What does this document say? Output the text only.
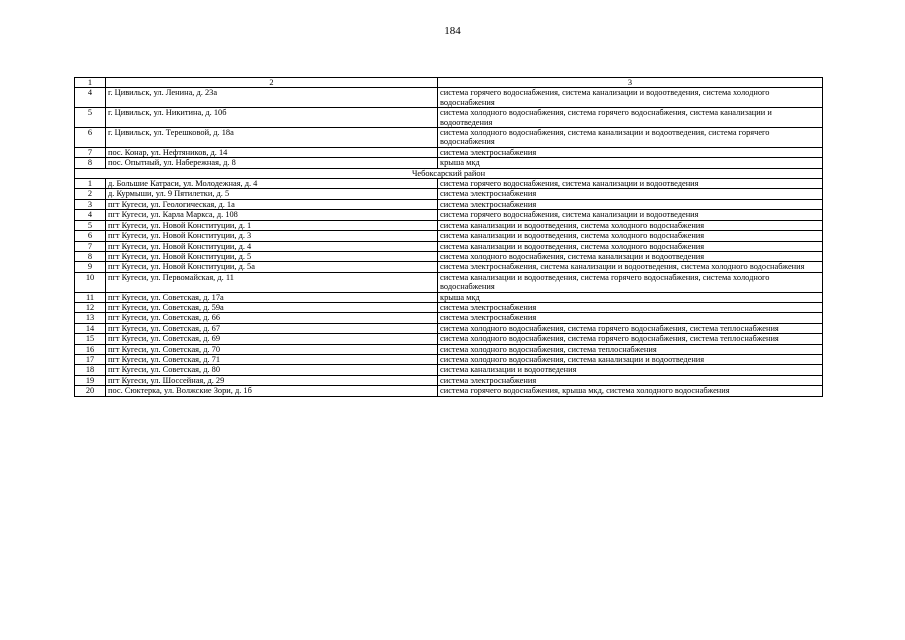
184
1	2	3
4	г. Цивильск, ул. Ленина, д. 23а	система горячего водоснабжения, система канализации и водоотведения, система холодного водоснабжения
5	г. Цивильск, ул. Никитина, д. 10б	система холодного водоснабжения, система горячего водоснабжения, система канализации и водоотведения
6	г. Цивильск, ул. Терешковой, д. 18а	система холодного водоснабжения, система канализации и водоотведения, система горячего водоснабжения
7	пос. Конар, ул. Нефтяников, д. 14	система электроснабжения
8	пос. Опытный, ул. Набережная, д. 8	крыша мкд
Чебоксарский район		
1	д. Большие Катраси, ул. Молодежная, д. 4	система горячего водоснабжения, система канализации и водоотведения
2	д. Курмыши, ул. 9 Пятилетки, д. 5	система электроснабжения
3	пгт Кугеси, ул. Геологическая, д. 1а	система электроснабжения
4	пгт Кугеси, ул. Карла Маркса, д. 108	система горячего водоснабжения, система канализации и водоотведения
5	пгт Кугеси, ул. Новой Конституции, д. 1	система канализации и водоотведения, система холодного водоснабжения
6	пгт Кугеси, ул. Новой Конституции, д. 3	система канализации и водоотведения, система холодного водоснабжения
7	пгт Кугеси, ул. Новой Конституции, д. 4	система канализации и водоотведения, система холодного водоснабжения
8	пгт Кугеси, ул. Новой Конституции, д. 5	система холодного водоснабжения, система канализации и водоотведения
9	пгт Кугеси, ул. Новой Конституции, д. 5а	система электроснабжения, система канализации и водоотведения, система холодного водоснабжения
10	пгт Кугеси, ул. Первомайская, д. 11	система канализации и водоотведения, система горячего водоснабжения, система холодного водоснабжения
11	пгт Кугеси, ул. Советская, д. 17а	крыша мкд
12	пгт Кугеси, ул. Советская, д. 59а	система электроснабжения
13	пгт Кугеси, ул. Советская, д. 66	система электроснабжения
14	пгт Кугеси, ул. Советская, д. 67	система холодного водоснабжения, система горячего водоснабжения, система теплоснабжения
15	пгт Кугеси, ул. Советская, д. 69	система холодного водоснабжения, система горячего водоснабжения, система теплоснабжения
16	пгт Кугеси, ул. Советская, д. 70	система холодного водоснабжения, система теплоснабжения
17	пгт Кугеси, ул. Советская, д. 71	система холодного водоснабжения, система канализации и водоотведения
18	пгт Кугеси, ул. Советская, д. 80	система канализации и водоотведения
19	пгт Кугеси, ул. Шоссейная, д. 29	система электроснабжения
20	пос. Сюктерка, ул. Волжские Зори, д. 1б	система горячего водоснабжения, крыша мкд, система холодного водоснабжения
